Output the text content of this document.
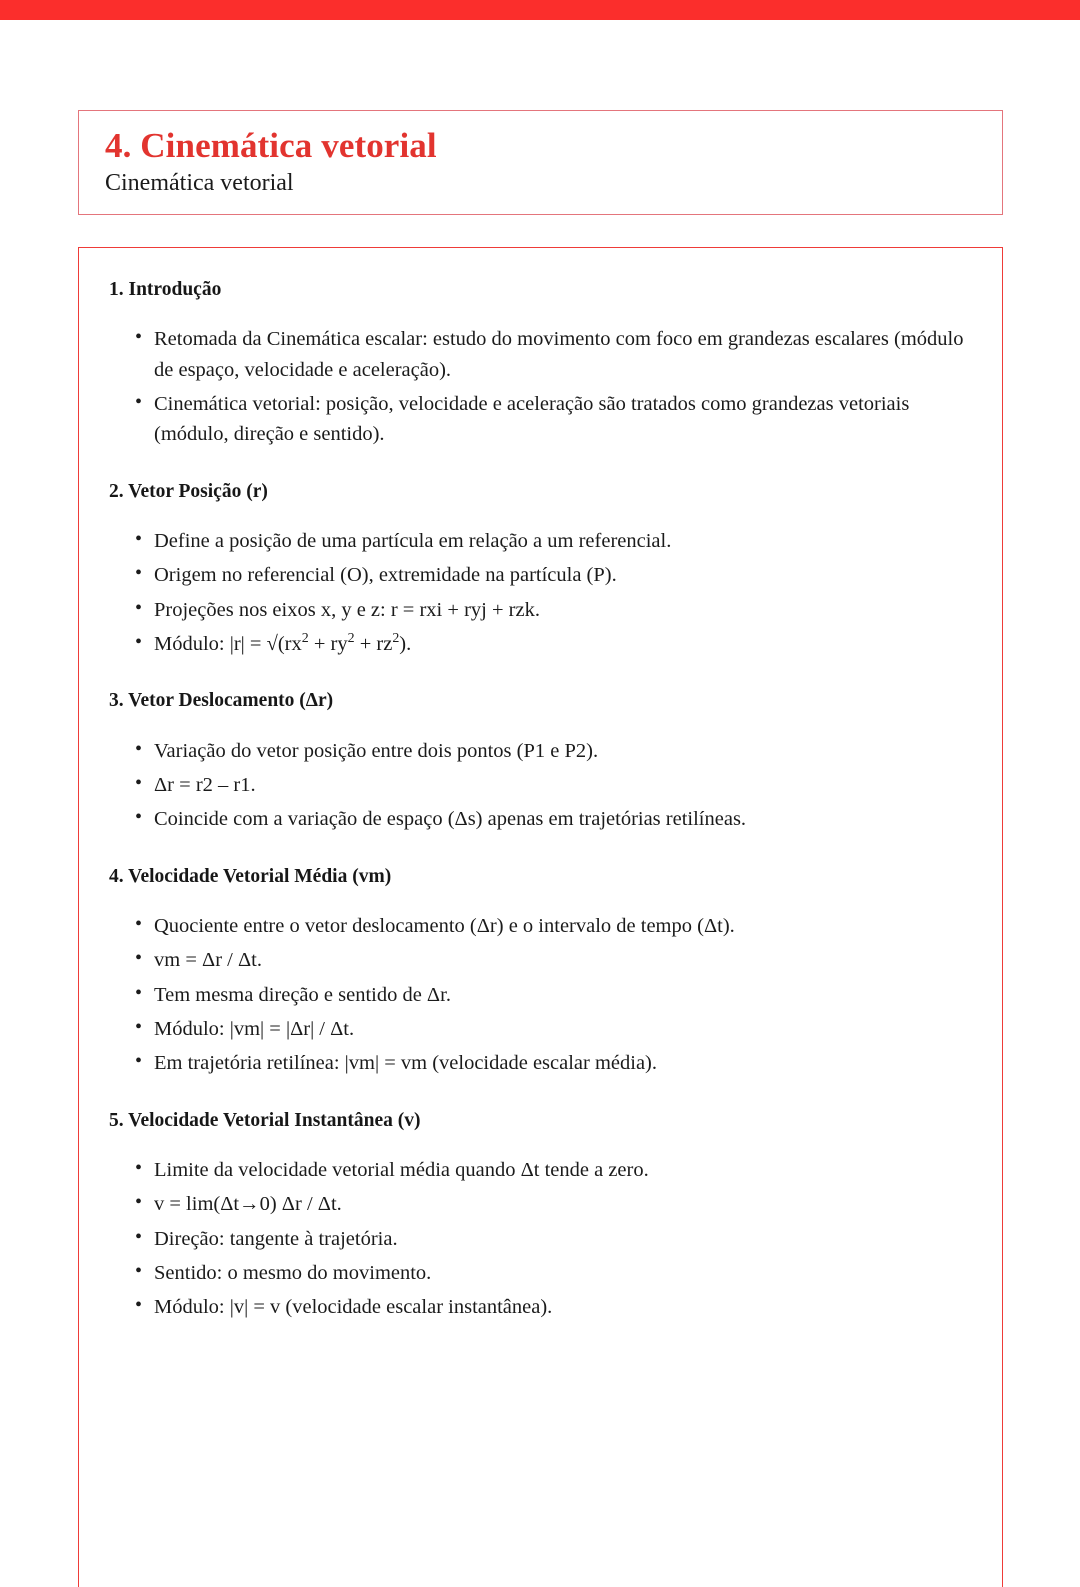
4. Cinemática vetorial
Cinemática vetorial
1. Introdução
• Retomada da Cinemática escalar: estudo do movimento com foco em grandezas escalares (módulo de espaço, velocidade e aceleração).
• Cinemática vetorial: posição, velocidade e aceleração são tratados como grandezas vetoriais (módulo, direção e sentido).
2. Vetor Posição (r)
• Define a posição de uma partícula em relação a um referencial.
• Origem no referencial (O), extremidade na partícula (P).
• Projeções nos eixos x, y e z: r = rxi + ryj + rzk.
• Módulo: $|r| = √(rx^2 + ry^2 + rz^2)$.
3. Vetor Deslocamento (Δr)
• Variação do vetor posição entre dois pontos (P1 e P2).
• Δr = r2 – r1.
• Coincide com a variação de espaço (Δs) apenas em trajetórias retilíneas.
4. Velocidade Vetorial Média (vm)
• Quociente entre o vetor deslocamento (Δr) e o intervalo de tempo (Δt).
• vm = Δr / Δt.
• Tem mesma direção e sentido de Δr.
• Módulo: |vm| = |Δr| / Δt.
• Em trajetória retilínea: |vm| = vm (velocidade escalar média).
5. Velocidade Vetorial Instantânea (v)
• Limite da velocidade vetorial média quando Δt tende a zero.
• v = lim(Δt→0) Δr / Δt.
• Direção: tangente à trajetória.
• Sentido: o mesmo do movimento.
• Módulo: |v| = v (velocidade escalar instantânea).
